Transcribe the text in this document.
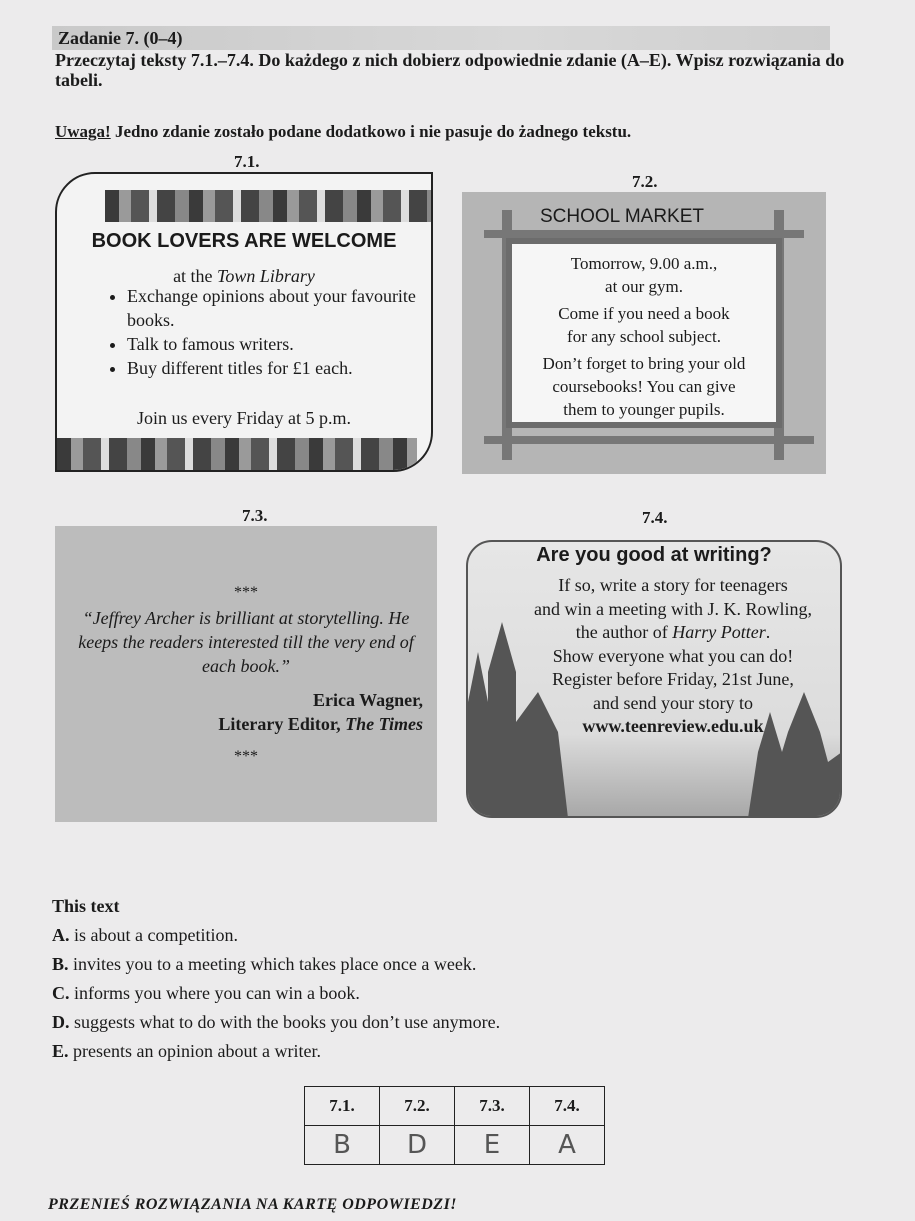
Zadanie 7. (0–4)
Przeczytaj teksty 7.1.–7.4. Do każdego z nich dobierz odpowiednie zdanie (A–E). Wpisz rozwiązania do tabeli.
Uwaga! Jedno zdanie zostało podane dodatkowo i nie pasuje do żadnego tekstu.
7.1.
BOOK LOVERS ARE WELCOME
at the Town Library
• Exchange opinions about your favourite books.
• Talk to famous writers.
• Buy different titles for £1 each.
Join us every Friday at 5 p.m.
7.2.
SCHOOL MARKET

Tomorrow, 9.00 a.m.,

at our gym.

Come if you need a book

for any school subject.

Don’t forget to bring your old

coursebooks! You can give

them to younger pupils.

7.3.
***
“Jeffrey Archer is brilliant at storytelling. He keeps the readers interested till the very end of each book.”
Erica Wagner,
Literary Editor, The Times
***
7.4.
Are you good at writing?
If so, write a story for teenagers
and win a meeting with J. K. Rowling,
the author of Harry Potter.
Show everyone what you can do!
Register before Friday, 21st June,
and send your story to
www.teenreview.edu.uk
This text
A. is about a competition.
B. invites you to a meeting which takes place once a week.
C. informs you where you can win a book.
D. suggests what to do with the books you don’t use anymore.
E. presents an opinion about a writer.
7.1.	7.2.	7.3.	7.4.
B	D	E	A
PRZENIEŚ ROZWIĄZANIA NA KARTĘ ODPOWIEDZI!
